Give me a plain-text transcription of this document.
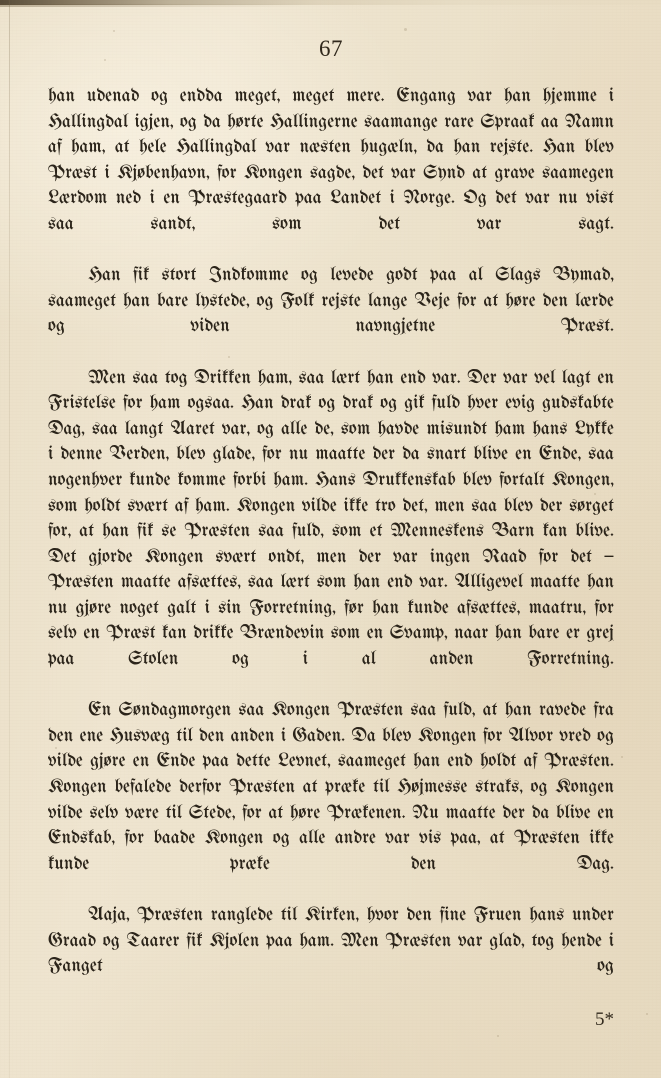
67

han udenad og endda meget, meget mere. Engang var han hjemme i Hallingdal igjen, og da hørte Hallingerne saamange rare Spraak aa Namn af ham, at hele Hallingdal var næsten hugæln, da han rejste. Han blev Præst i Kjøbenhavn, for Kongen sagde, det var Synd at grave saamegen Lærdom ned i en Præstegaard paa Landet i Norge. Og det var nu vist saa sandt, som det var sagt.

Han fik stort Indkomme og levede godt paa al Slags Bymad, saameget han bare lystede, og Folk rejste lange Veje for at høre den lærde og viden navngjetne Præst.

Men saa tog Drikken ham, saa lært han end var. Der var vel lagt en Fristelse for ham ogsaa. Han drak og drak og gik fuld hver evig gudskabte Dag, saa langt Aaret var, og alle de, som havde misundt ham hans Lykke i denne Verden, blev glade, for nu maatte der da snart blive en Ende, saa nogenhver kunde komme forbi ham. Hans Drukkenskab blev fortalt Kongen, som holdt svært af ham. Kongen vilde ikke tro det, men saa blev der sørget for, at han fik se Præsten saa fuld, som et Menneskens Barn kan blive. Det gjorde Kongen svært ondt, men der var ingen Raad for det — Præsten maatte afsættes, saa lært som han end var. Alligevel maatte han nu gjøre noget galt i sin Forretning, før han kunde afsættes, maatru, for selv en Præst kan drikke Brændevin som en Svamp, naar han bare er grej paa Stolen og i al anden Forretning.

En Søndagmorgen saa Kongen Præsten saa fuld, at han ravede fra den ene Husvæg til den anden i Gaden. Da blev Kongen for Alvor vred og vilde gjøre en Ende paa dette Levnet, saameget han end holdt af Præsten. Kongen befalede derfor Præsten at præke til Højmesse straks, og Kongen vilde selv være til Stede, for at høre Prækenen. Nu maatte der da blive en Endskab, for baade Kongen og alle andre var vis paa, at Præsten ikke kunde præke den Dag.

Aaja, Præsten ranglede til Kirken, hvor den fine Fruen hans under Graad og Taarer fik Kjolen paa ham. Men Præsten var glad, tog hende i Fanget og

5*
